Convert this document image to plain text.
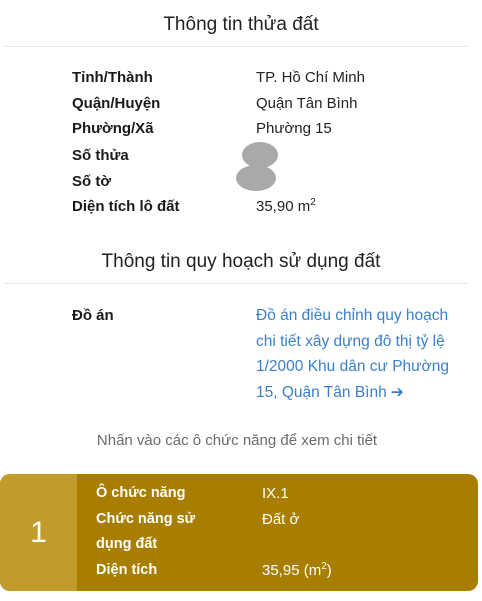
Thông tin thửa đất
Tỉnh/Thành	TP. Hồ Chí Minh
Quận/Huyện	Quận Tân Bình
Phường/Xã	Phường 15
Số thửa
Số tờ
Diện tích lô đất	35,90 $m^2$
Thông tin quy hoạch sử dụng đất
Đồ án	Đồ án điều chỉnh quy hoạch chi tiết xây dựng đô thị tỷ lệ 1/2000 Khu dân cư Phường 15, Quận Tân Bình ➔
Nhấn vào các ô chức năng để xem chi tiết
1
Ô chức năng	IX.1
Chức năng sử	Đất ở
dụng đất
Diện tích	35,95 $(m^2)$
